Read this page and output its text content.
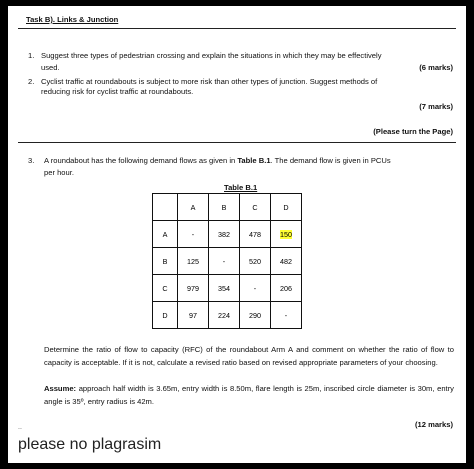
Task B). Links & Junction
1. Suggest three types of pedestrian crossing and explain the situations in which they may be effectively
used.	(6 marks)
2. Cyclist traffic at roundabouts is subject to more risk than other types of junction. Suggest methods of
reducing risk for cyclist traffic at roundabouts.
(7 marks)
(Please turn the Page)
3. A roundabout has the following demand flows as given in Table B.1. The demand flow is given in PCUs
per hour.
Table B.1
	A	B	C	D
A	-	382	478	150
B	125	-	520	482
C	979	354	-	206
D	97	224	290	-
Determine the ratio of flow to capacity (RFC) of the roundabout Arm A and comment on whether the ratio of flow to capacity is acceptable. If it is not, calculate a revised ratio based on revised appropriate parameters of your choosing.
Assume: approach half width is 3.65m, entry width is 8.50m, flare length is 25m, inscribed circle diameter is 30m, entry angle is 35º, entry radius is 42m.
(12 marks)
..
please no plagrasim
